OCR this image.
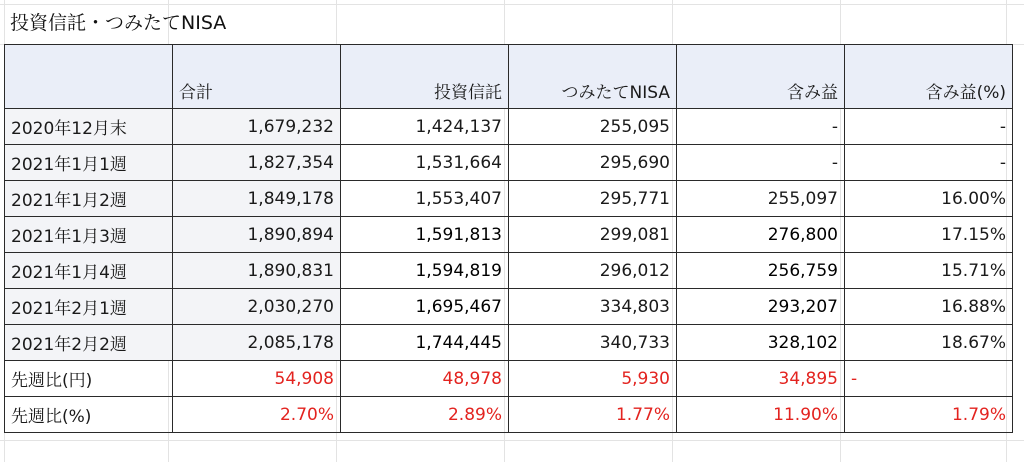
投資信託・つみたてNISA
	合計	投資信託	つみたてNISA	含み益	含み益(%)
2020年12月末	1,679,232	1,424,137	255,095	-	-
2021年1月1週	1,827,354	1,531,664	295,690	-	-
2021年1月2週	1,849,178	1,553,407	295,771	255,097	16.00%
2021年1月3週	1,890,894	1,591,813	299,081	276,800	17.15%
2021年1月4週	1,890,831	1,594,819	296,012	256,759	15.71%
2021年2月1週	2,030,270	1,695,467	334,803	293,207	16.88%
2021年2月2週	2,085,178	1,744,445	340,733	328,102	18.67%
先週比(円)	54,908	48,978	5,930	34,895	-
先週比(%)	2.70%	2.89%	1.77%	11.90%	1.79%
